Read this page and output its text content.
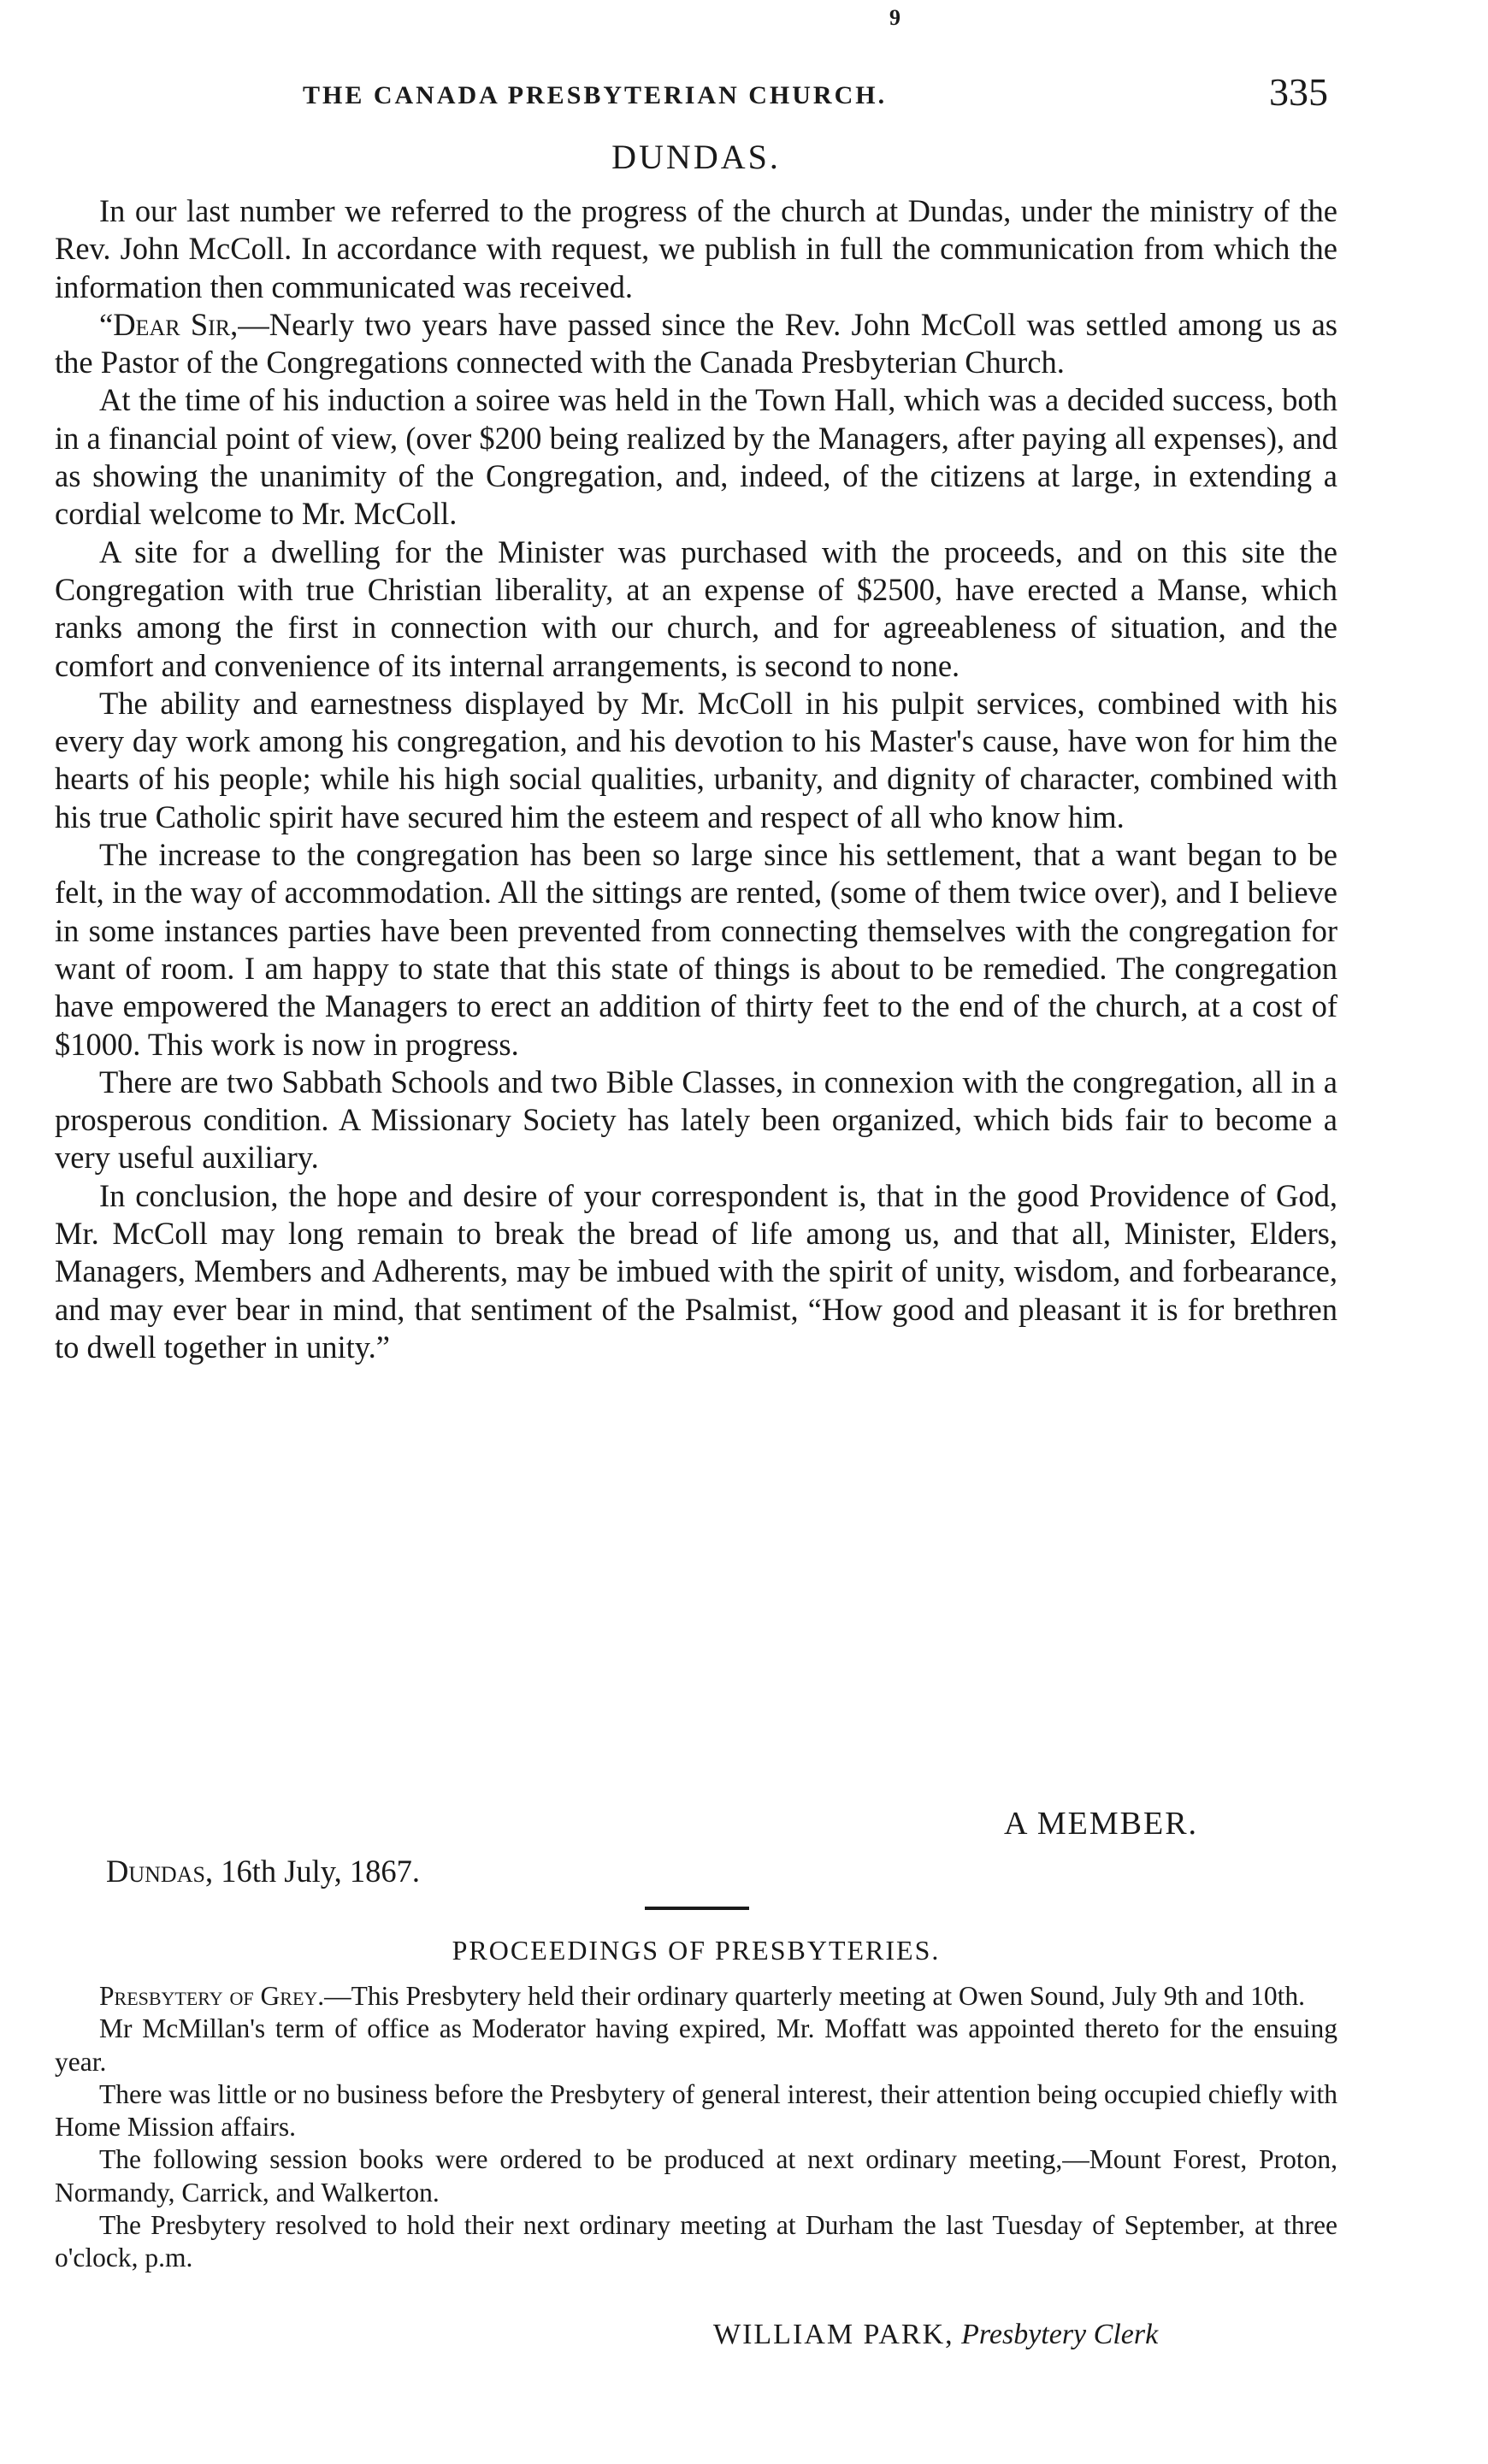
9
THE CANADA PRESBYTERIAN CHURCH.	335
DUNDAS.

In our last number we referred to the progress of the church at Dundas, under the ministry of the Rev. John McColl. In accordance with request, we publish in full the communication from which the information then communicated was received.

“Dear Sir,—Nearly two years have passed since the Rev. John McColl was settled among us as the Pastor of the Congregations connected with the Canada Presbyterian Church.

At the time of his induction a soiree was held in the Town Hall, which was a decided success, both in a financial point of view, (over $200 being realized by the Managers, after paying all expenses), and as showing the unanimity of the Congregation, and, indeed, of the citizens at large, in extending a cordial welcome to Mr. McColl.

A site for a dwelling for the Minister was purchased with the proceeds, and on this site the Congregation with true Christian liberality, at an expense of $2500, have erected a Manse, which ranks among the first in connection with our church, and for agreeableness of situation, and the comfort and convenience of its internal arrangements, is second to none.

The ability and earnestness displayed by Mr. McColl in his pulpit services, combined with his every day work among his congregation, and his devotion to his Master's cause, have won for him the hearts of his people; while his high social qualities, urbanity, and dignity of character, combined with his true Catholic spirit have secured him the esteem and respect of all who know him.

The increase to the congregation has been so large since his settlement, that a want began to be felt, in the way of accommodation. All the sittings are rented, (some of them twice over), and I believe in some instances parties have been prevented from connecting themselves with the congregation for want of room. I am happy to state that this state of things is about to be remedied. The congregation have empowered the Managers to erect an addition of thirty feet to the end of the church, at a cost of $1000. This work is now in progress.

There are two Sabbath Schools and two Bible Classes, in connexion with the congregation, all in a prosperous condition. A Missionary Society has lately been organized, which bids fair to become a very useful auxiliary.

In conclusion, the hope and desire of your correspondent is, that in the good Providence of God, Mr. McColl may long remain to break the bread of life among us, and that all, Minister, Elders, Managers, Members and Adherents, may be imbued with the spirit of unity, wisdom, and forbearance, and may ever bear in mind, that sentiment of the Psalmist, “How good and pleasant it is for brethren to dwell together in unity.”

A MEMBER.
Dundas, 16th July, 1867.
PROCEEDINGS OF PRESBYTERIES.

Presbytery of Grey.—This Presbytery held their ordinary quarterly meeting at Owen Sound, July 9th and 10th.

Mr McMillan's term of office as Moderator having expired, Mr. Moffatt was appointed thereto for the ensuing year.

There was little or no business before the Presbytery of general interest, their attention being occupied chiefly with Home Mission affairs.

The following session books were ordered to be produced at next ordinary meeting,—Mount Forest, Proton, Normandy, Carrick, and Walkerton.

The Presbytery resolved to hold their next ordinary meeting at Durham the last Tuesday of September, at three o'clock, p.m.

WILLIAM PARK, Presbytery Clerk
